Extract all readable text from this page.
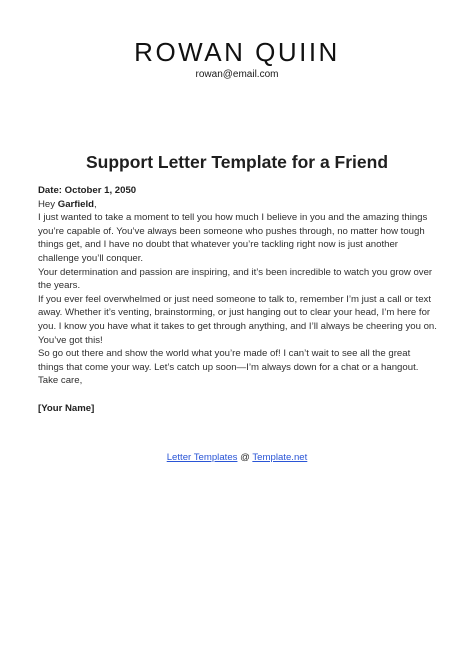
ROWAN QUIIN
rowan@email.com
Support Letter Template for a Friend

Date: October 1, 2050

Hey Garfield,

I just wanted to take a moment to tell you how much I believe in you and the amazing things you’re capable of. You’ve always been someone who pushes through, no matter how tough things get, and I have no doubt that whatever you’re tackling right now is just another challenge you’ll conquer.

Your determination and passion are inspiring, and it’s been incredible to watch you grow over the years.

If you ever feel overwhelmed or just need someone to talk to, remember I’m just a call or text away. Whether it’s venting, brainstorming, or just hanging out to clear your head, I’m here for you. I know you have what it takes to get through anything, and I’ll always be cheering you on. You’ve got this!

So go out there and show the world what you’re made of! I can’t wait to see all the great things that come your way. Let’s catch up soon—I’m always down for a chat or a hangout.

Take care,

[Your Name]

Letter Templates @ Template.net
